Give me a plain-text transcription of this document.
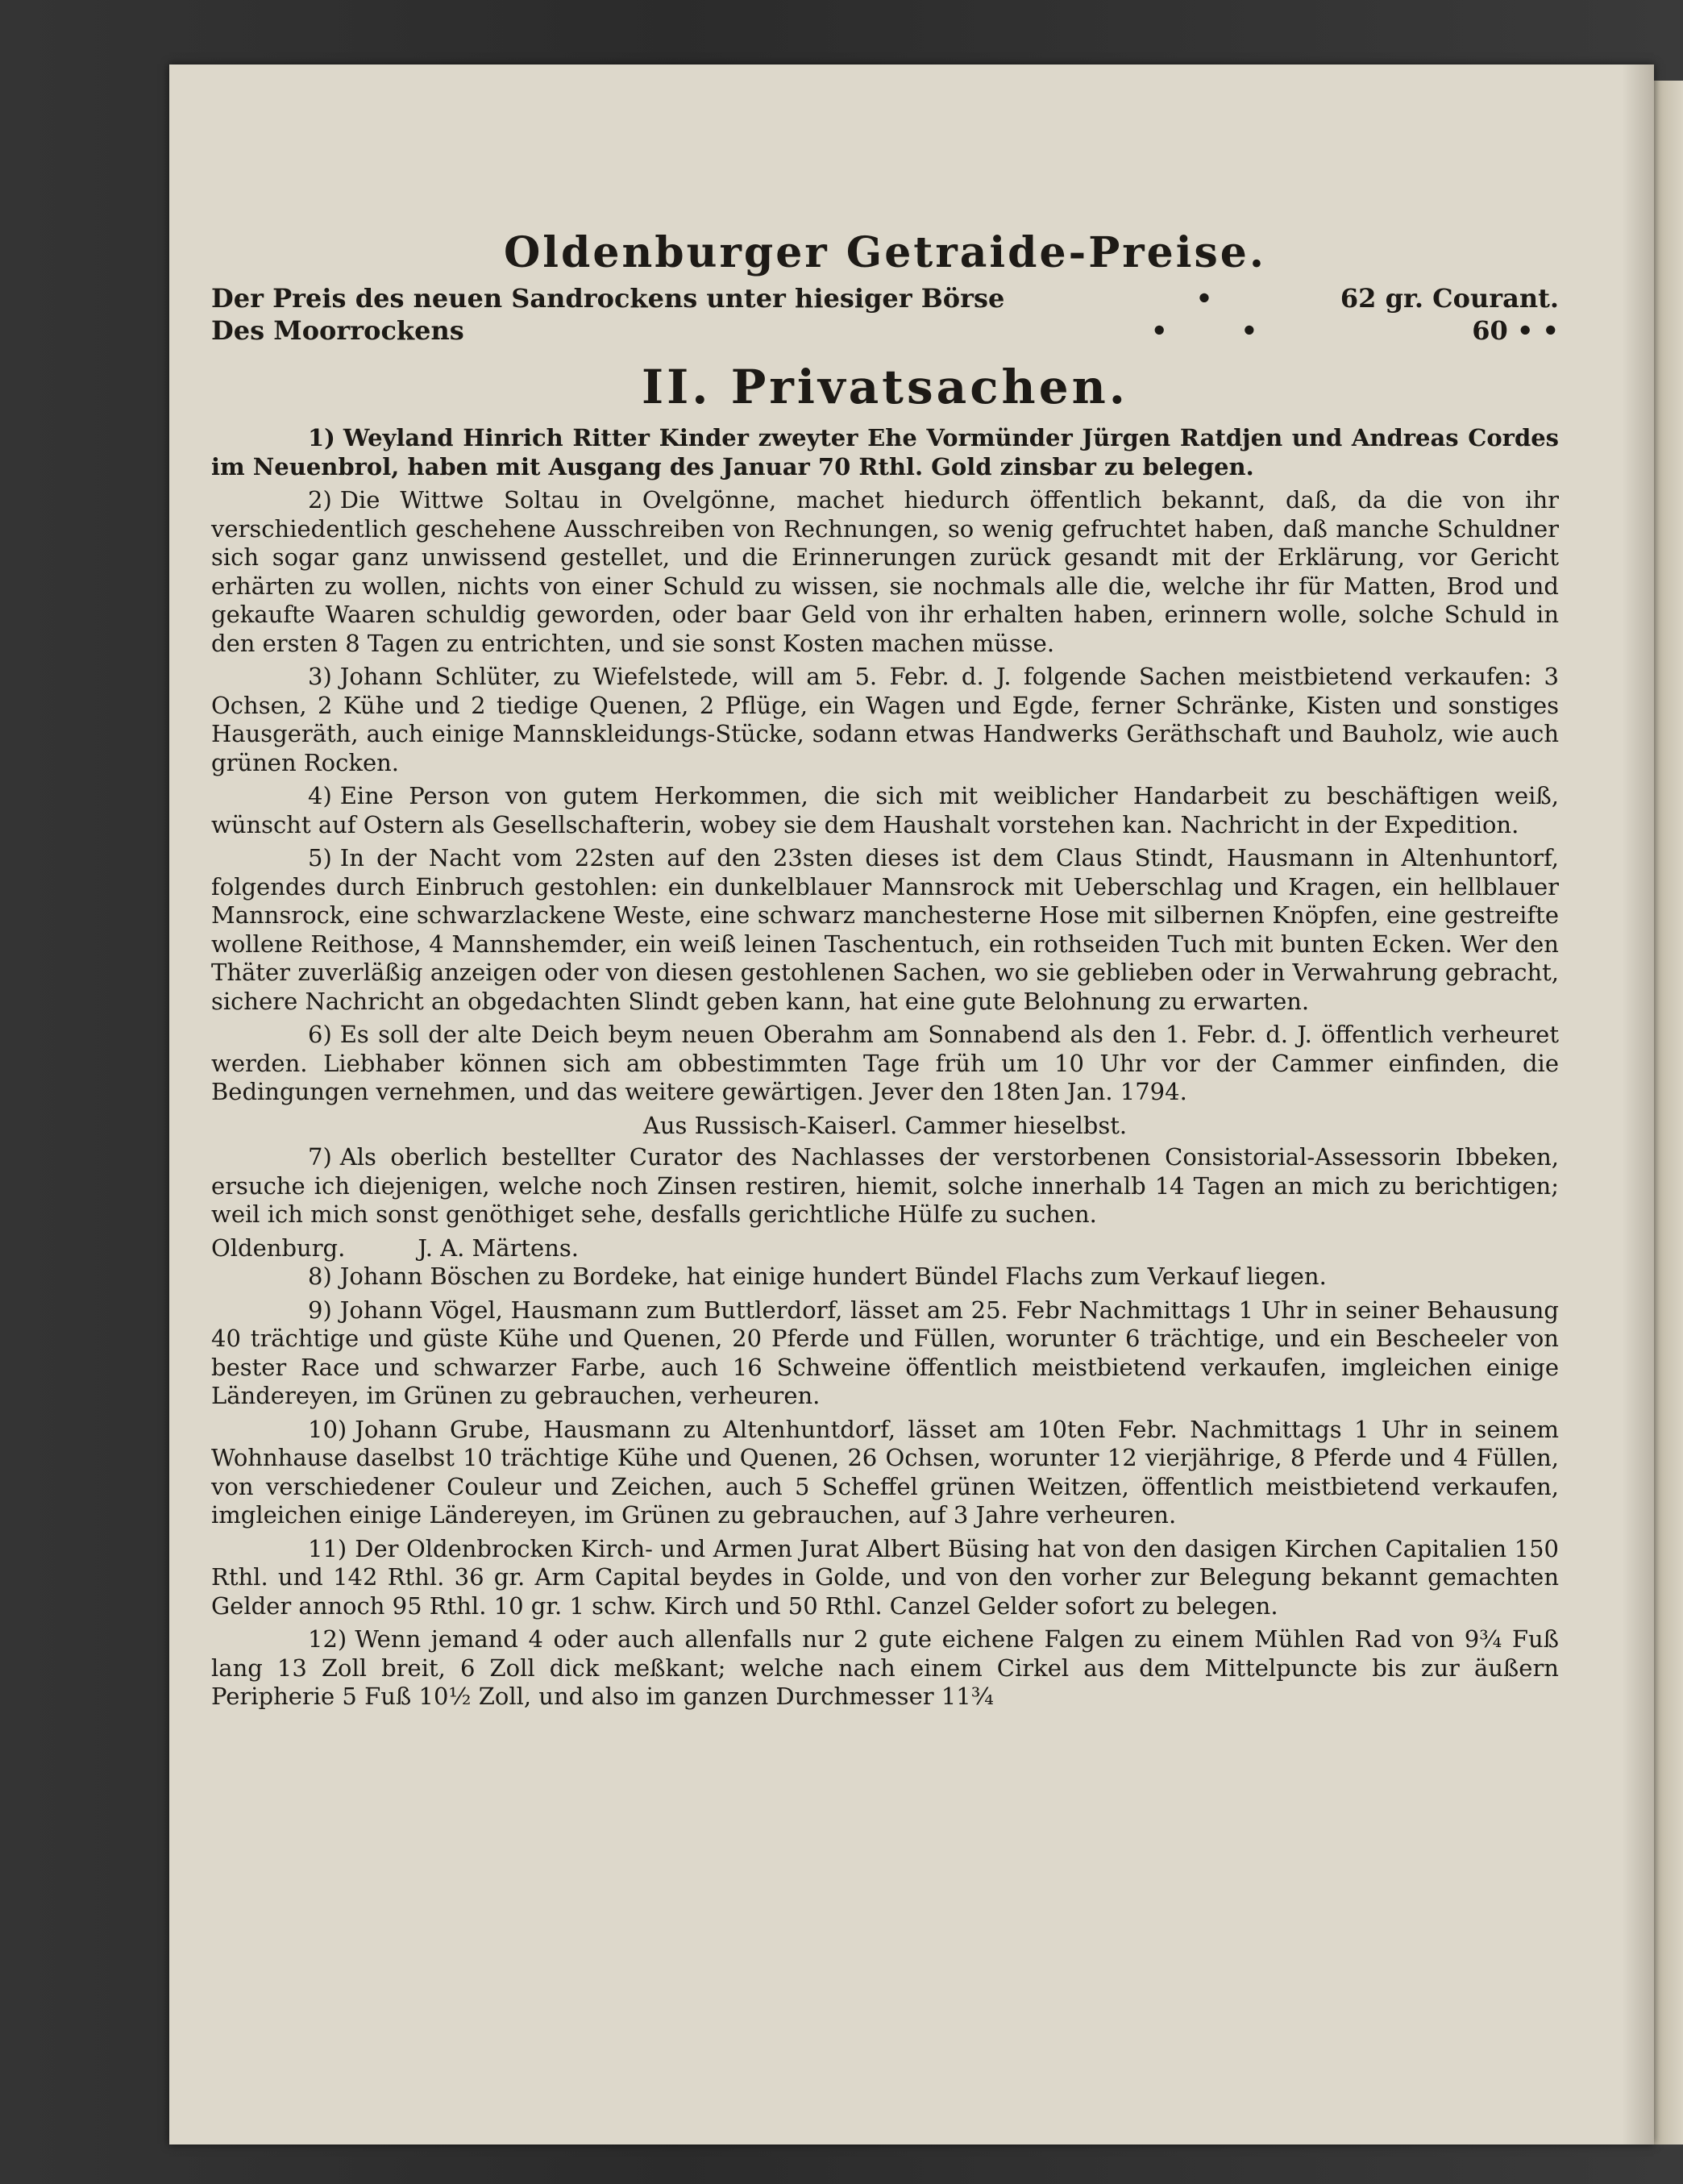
Oldenburger Getraide-Preise.
Der Preis des neuen Sandrockens unter hiesiger Börse	•	62 gr. Courant.
Des Moorrockens	• •	60 • •
II. Privatsachen.

1) Weyland Hinrich Ritter Kinder zweyter Ehe Vormünder Jürgen Ratdjen und Andreas Cordes im Neuenbrol, haben mit Ausgang des Januar 70 Rthl. Gold zinsbar zu belegen.

2) Die Wittwe Soltau in Ovelgönne, machet hiedurch öffentlich bekannt, daß, da die von ihr verschiedentlich geschehene Ausschreiben von Rechnungen, so wenig gefruchtet haben, daß manche Schuldner sich sogar ganz unwissend gestellet, und die Erinnerungen zurück gesandt mit der Erklärung, vor Gericht erhärten zu wollen, nichts von einer Schuld zu wissen, sie nochmals alle die, welche ihr für Matten, Brod und gekaufte Waaren schuldig geworden, oder baar Geld von ihr erhalten haben, erinnern wolle, solche Schuld in den ersten 8 Tagen zu entrichten, und sie sonst Kosten machen müsse.

3) Johann Schlüter, zu Wiefelstede, will am 5. Febr. d. J. folgende Sachen meistbietend verkaufen: 3 Ochsen, 2 Kühe und 2 tiedige Quenen, 2 Pflüge, ein Wagen und Egde, ferner Schränke, Kisten und sonstiges Hausgeräth, auch einige Mannskleidungs-Stücke, sodann etwas Handwerks Geräthschaft und Bauholz, wie auch grünen Rocken.

4) Eine Person von gutem Herkommen, die sich mit weiblicher Handarbeit zu beschäftigen weiß, wünscht auf Ostern als Gesellschafterin, wobey sie dem Haushalt vorstehen kan. Nachricht in der Expedition.

5) In der Nacht vom 22sten auf den 23sten dieses ist dem Claus Stindt, Hausmann in Altenhuntorf, folgendes durch Einbruch gestohlen: ein dunkelblauer Mannsrock mit Ueberschlag und Kragen, ein hellblauer Mannsrock, eine schwarzlackene Weste, eine schwarz manchesterne Hose mit silbernen Knöpfen, eine gestreifte wollene Reithose, 4 Mannshemder, ein weiß leinen Taschentuch, ein rothseiden Tuch mit bunten Ecken. Wer den Thäter zuverläßig anzeigen oder von diesen gestohlenen Sachen, wo sie geblieben oder in Verwahrung gebracht, sichere Nachricht an obgedachten Slindt geben kann, hat eine gute Belohnung zu erwarten.

6) Es soll der alte Deich beym neuen Oberahm am Sonnabend als den 1. Febr. d. J. öffentlich verheuret werden. Liebhaber können sich am obbestimmten Tage früh um 10 Uhr vor der Cammer einfinden, die Bedingungen vernehmen, und das weitere gewärtigen. Jever den 18ten Jan. 1794.

Aus Russisch-Kaiserl. Cammer hieselbst.

7) Als oberlich bestellter Curator des Nachlasses der verstorbenen Consistorial-Assessorin Ibbeken, ersuche ich diejenigen, welche noch Zinsen restiren, hiemit, solche innerhalb 14 Tagen an mich zu berichtigen; weil ich mich sonst genöthiget sehe, desfalls gerichtliche Hülfe zu suchen.

Oldenburg.	J. A. Märtens.

8) Johann Böschen zu Bordeke, hat einige hundert Bündel Flachs zum Verkauf liegen.

9) Johann Vögel, Hausmann zum Buttlerdorf, lässet am 25. Febr Nachmittags 1 Uhr in seiner Behausung 40 trächtige und güste Kühe und Quenen, 20 Pferde und Füllen, worunter 6 trächtige, und ein Bescheeler von bester Race und schwarzer Farbe, auch 16 Schweine öffentlich meistbietend verkaufen, imgleichen einige Ländereyen, im Grünen zu gebrauchen, verheuren.

10) Johann Grube, Hausmann zu Altenhuntdorf, lässet am 10ten Febr. Nachmittags 1 Uhr in seinem Wohnhause daselbst 10 trächtige Kühe und Quenen, 26 Ochsen, worunter 12 vierjährige, 8 Pferde und 4 Füllen, von verschiedener Couleur und Zeichen, auch 5 Scheffel grünen Weitzen, öffentlich meistbietend verkaufen, imgleichen einige Ländereyen, im Grünen zu gebrauchen, auf 3 Jahre verheuren.

11) Der Oldenbrocken Kirch- und Armen Jurat Albert Büsing hat von den dasigen Kirchen Capitalien 150 Rthl. und 142 Rthl. 36 gr. Arm Capital beydes in Golde, und von den vorher zur Belegung bekannt gemachten Gelder annoch 95 Rthl. 10 gr. 1 schw. Kirch und 50 Rthl. Canzel Gelder sofort zu belegen.

12) Wenn jemand 4 oder auch allenfalls nur 2 gute eichene Falgen zu einem Mühlen Rad von 9¾ Fuß lang 13 Zoll breit, 6 Zoll dick meßkant; welche nach einem Cirkel aus dem Mittelpuncte bis zur äußern Peripherie 5 Fuß 10½ Zoll, und also im ganzen Durchmesser 11¾
